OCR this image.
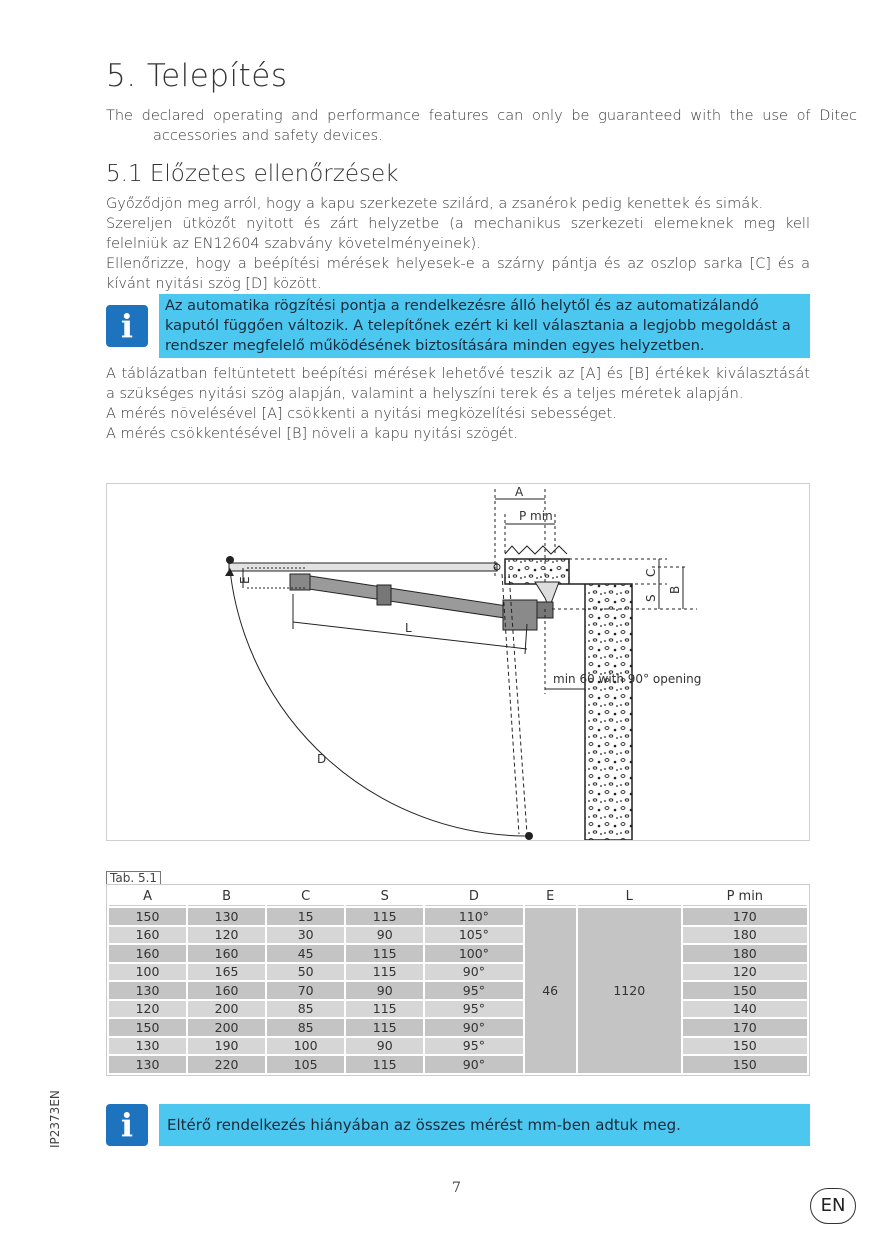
5. Telepítés
The declared operating and performance features can only be guaranteed with the use of Ditec accessories and safety devices.
5.1 Előzetes ellenőrzések
Győződjön meg arról, hogy a kapu szerkezete szilárd, a zsanérok pedig kenettek és simák.
Szereljen ütközőt nyitott és zárt helyzetbe (a mechanikus szerkezeti elemeknek meg kell felelniük az EN12604 szabvány követelményeinek).
Ellenőrizze, hogy a beépítési mérések helyesek-e a szárny pántja és az oszlop sarka [C] és a kívánt nyitási szög [D] között.
i
Az automatika rögzítési pontja a rendelkezésre álló helytől és az automatizálandó kaputól függően változik. A telepítőnek ezért ki kell választania a legjobb megoldást a rendszer megfelelő működésének biztosítására minden egyes helyzetben.
A táblázatban feltüntetett beépítési mérések lehetővé teszik az [A] és [B] értékek kiválasztását a szükséges nyitási szög alapján, valamint a helyszíni terek és a teljes méretek alapján.
A mérés növelésével [A] csökkenti a nyitási megközelítési sebességet.
A mérés csökkentésével [B] növeli a kapu nyitási szögét.
A
P min
E
C
S
B
L
D
min 60 with 90° opening
Tab. 5.1
A	B	C	S	D	E	L	P min
150	130	15	115	110°	46	1120	170
160	120	30	90	105°			180
160	160	45	115	100°			180
100	165	50	115	90°			120
130	160	70	90	95°			150
120	200	85	115	95°			140
150	200	85	115	90°			170
130	190	100	90	95°			150
130	220	105	115	90°			150
i	Eltérő rendelkezés hiányában az összes mérést mm-ben adtuk meg.
IP2373EN
7
EN
